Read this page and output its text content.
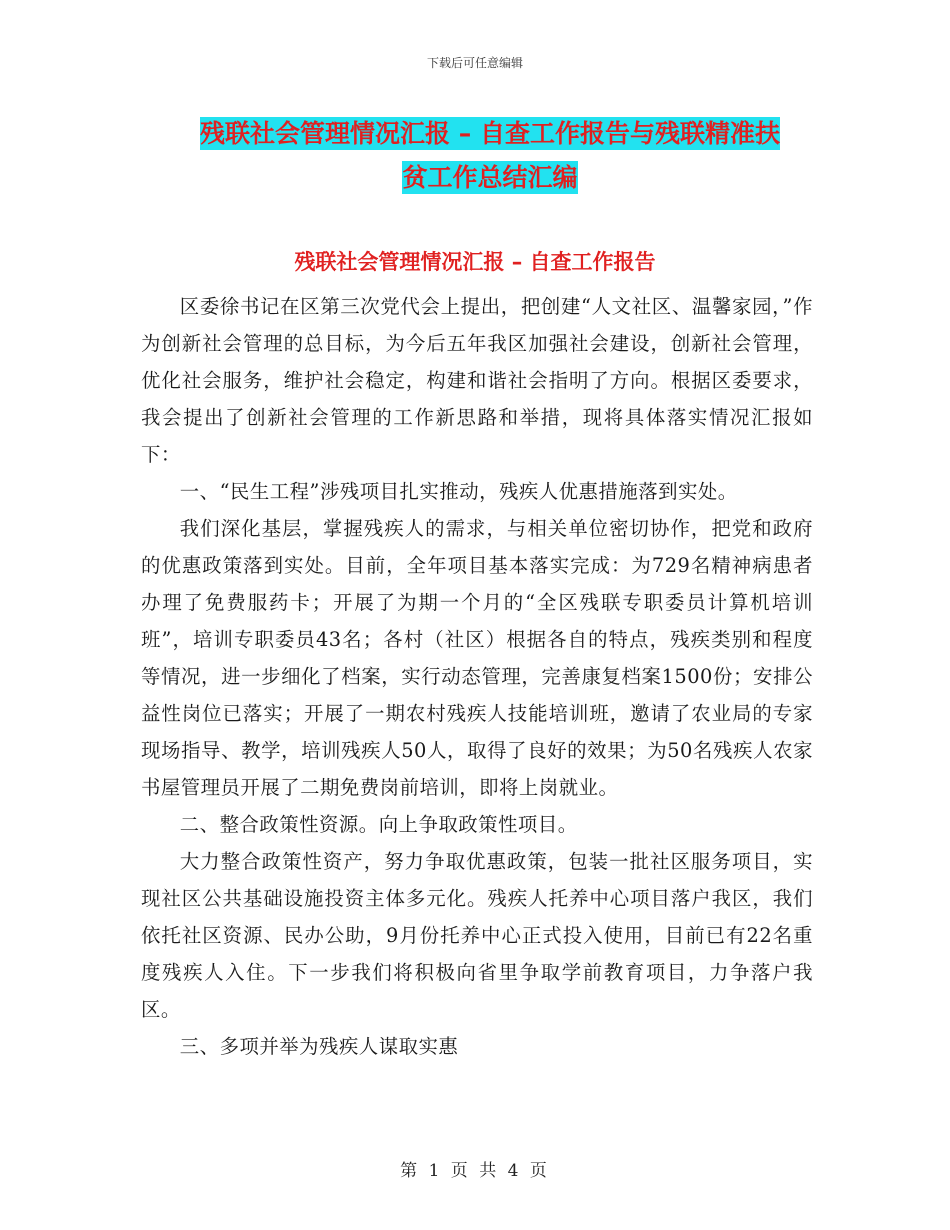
下载后可任意编辑
残联社会管理情况汇报 – 自查工作报告与残联精准扶
贫工作总结汇编
残联社会管理情况汇报 – 自查工作报告

区委徐书记在区第三次党代会上提出，把创建“人文社区、温馨家园，”作为创新社会管理的总目标，为今后五年我区加强社会建设，创新社会管理，优化社会服务，维护社会稳定，构建和谐社会指明了方向。根据区委要求，我会提出了创新社会管理的工作新思路和举措，现将具体落实情况汇报如下：

一、“民生工程”涉残项目扎实推动，残疾人优惠措施落到实处。

我们深化基层，掌握残疾人的需求，与相关单位密切协作，把党和政府的优惠政策落到实处。目前，全年项目基本落实完成：为729名精神病患者办理了免费服药卡；开展了为期一个月的“全区残联专职委员计算机培训班”，培训专职委员43名；各村（社区）根据各自的特点，残疾类别和程度等情况，进一步细化了档案，实行动态管理，完善康复档案1500份；安排公益性岗位已落实；开展了一期农村残疾人技能培训班，邀请了农业局的专家现场指导、教学，培训残疾人50人，取得了良好的效果；为50名残疾人农家书屋管理员开展了二期免费岗前培训，即将上岗就业。

二、整合政策性资源。向上争取政策性项目。

大力整合政策性资产，努力争取优惠政策，包装一批社区服务项目，实现社区公共基础设施投资主体多元化。残疾人托养中心项目落户我区，我们依托社区资源、民办公助，9月份托养中心正式投入使用，目前已有22名重度残疾人入住。下一步我们将积极向省里争取学前教育项目，力争落户我区。

三、多项并举为残疾人谋取实惠

第 1 页 共 4 页
